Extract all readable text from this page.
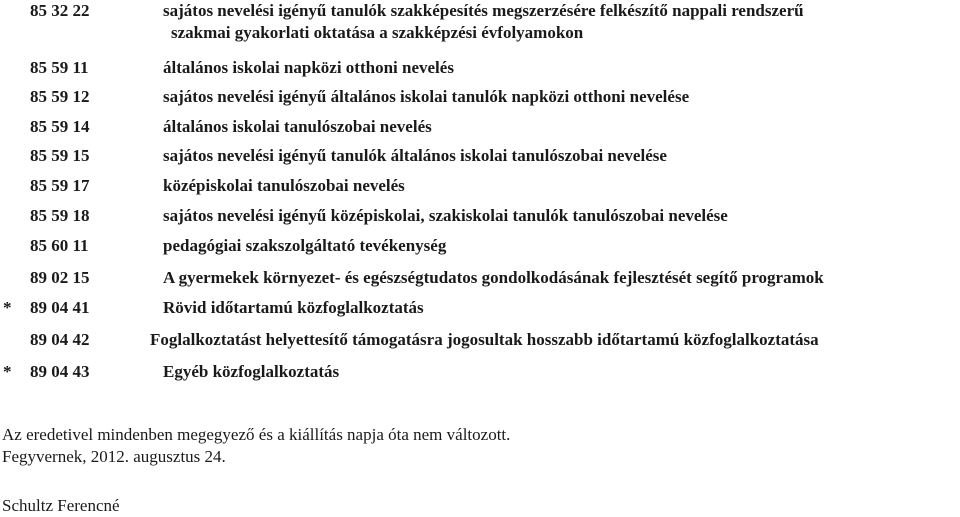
85 32 22	sajátos nevelési igényű tanulók szakképesítés megszerzésére felkészítő nappali rendszerű
szakmai gyakorlati oktatása a szakképzési évfolyamokon
85 59 11	általános iskolai napközi otthoni nevelés
85 59 12	sajátos nevelési igényű általános iskolai tanulók napközi otthoni nevelése
85 59 14	általános iskolai tanulószobai nevelés
85 59 15	sajátos nevelési igényű tanulók általános iskolai tanulószobai nevelése
85 59 17	középiskolai tanulószobai nevelés
85 59 18	sajátos nevelési igényű középiskolai, szakiskolai tanulók tanulószobai nevelése
85 60 11	pedagógiai szakszolgáltató tevékenység
89 02 15	A gyermekek környezet- és egészségtudatos gondolkodásának fejlesztését segítő programok
*	89 04 41	Rövid időtartamú közfoglalkoztatás
89 04 42	Foglalkoztatást helyettesítő támogatásra jogosultak hosszabb időtartamú közfoglalkoztatása
*	89 04 43	Egyéb közfoglalkoztatás
Az eredetivel mindenben megegyező és a kiállítás napja óta nem változott.
Fegyvernek, 2012. augusztus 24.
Schultz Ferencné
